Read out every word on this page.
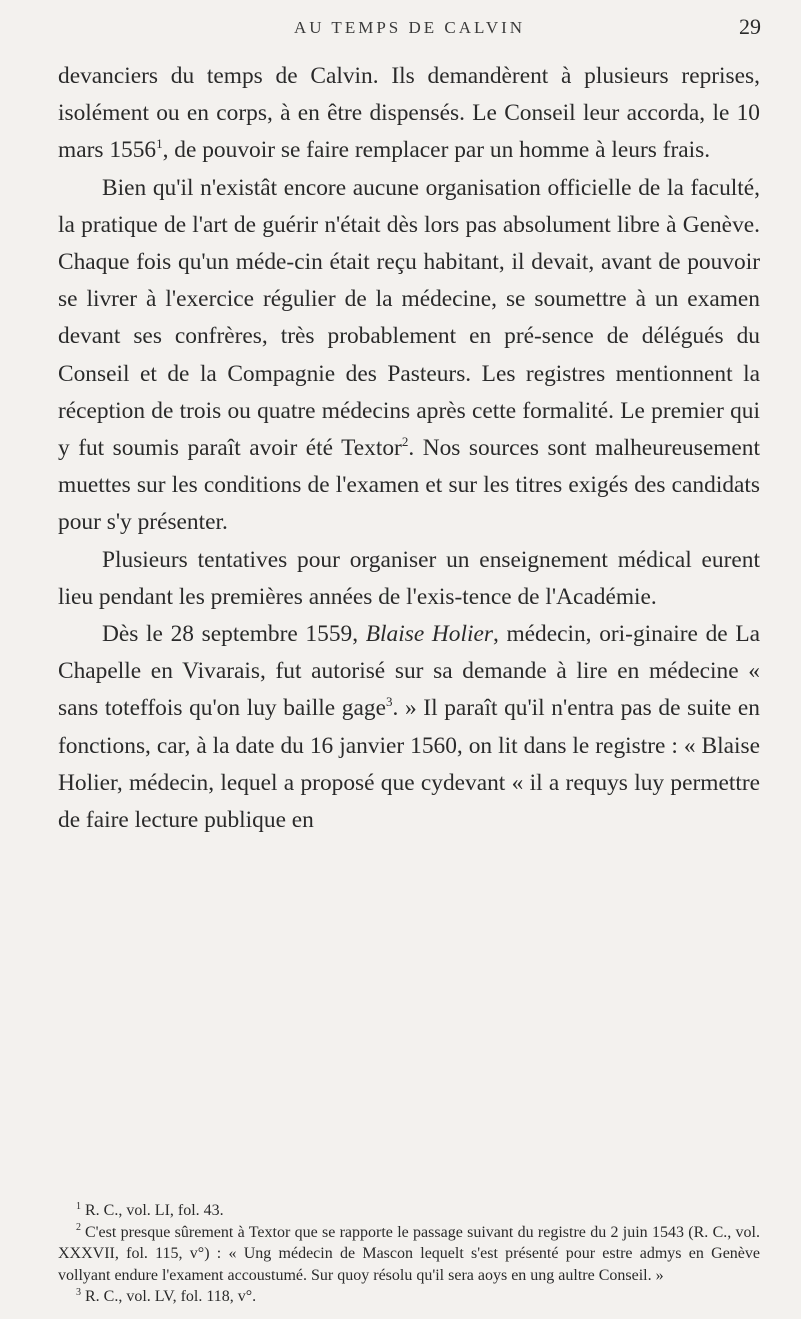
AU TEMPS DE CALVIN	29

devanciers du temps de Calvin. Ils demandèrent à plusieurs reprises, isolément ou en corps, à en être dispensés. Le Conseil leur accorda, le 10 mars 1556$^1$, de pouvoir se faire remplacer par un homme à leurs frais.

Bien qu'il n'existât encore aucune organisation officielle de la faculté, la pratique de l'art de guérir n'était dès lors pas absolument libre à Genève. Chaque fois qu'un méde-cin était reçu habitant, il devait, avant de pouvoir se livrer à l'exercice régulier de la médecine, se soumettre à un examen devant ses confrères, très probablement en pré-sence de délégués du Conseil et de la Compagnie des Pasteurs. Les registres mentionnent la réception de trois ou quatre médecins après cette formalité. Le premier qui y fut soumis paraît avoir été Textor$^2$. Nos sources sont malheureusement muettes sur les conditions de l'examen et sur les titres exigés des candidats pour s'y présenter.

Plusieurs tentatives pour organiser un enseignement médical eurent lieu pendant les premières années de l'exis-tence de l'Académie.

Dès le 28 septembre 1559, Blaise Holier, médecin, ori-ginaire de La Chapelle en Vivarais, fut autorisé sur sa demande à lire en médecine « sans toteffois qu'on luy baille gage$^3$. » Il paraît qu'il n'entra pas de suite en fonctions, car, à la date du 16 janvier 1560, on lit dans le registre : « Blaise Holier, médecin, lequel a proposé que cydevant « il a requys luy permettre de faire lecture publique en

$^1$ R. C., vol. LI, fol. 43.

$^2$ C'est presque sûrement à Textor que se rapporte le passage suivant du registre du 2 juin 1543 (R. C., vol. XXXVII, fol. 115, v°) : « Ung médecin de Mascon lequelt s'est présenté pour estre admys en Genève vollyant endure l'exament accoustumé. Sur quoy résolu qu'il sera aoys en ung aultre Conseil. »

$^3$ R. C., vol. LV, fol. 118, v°.
